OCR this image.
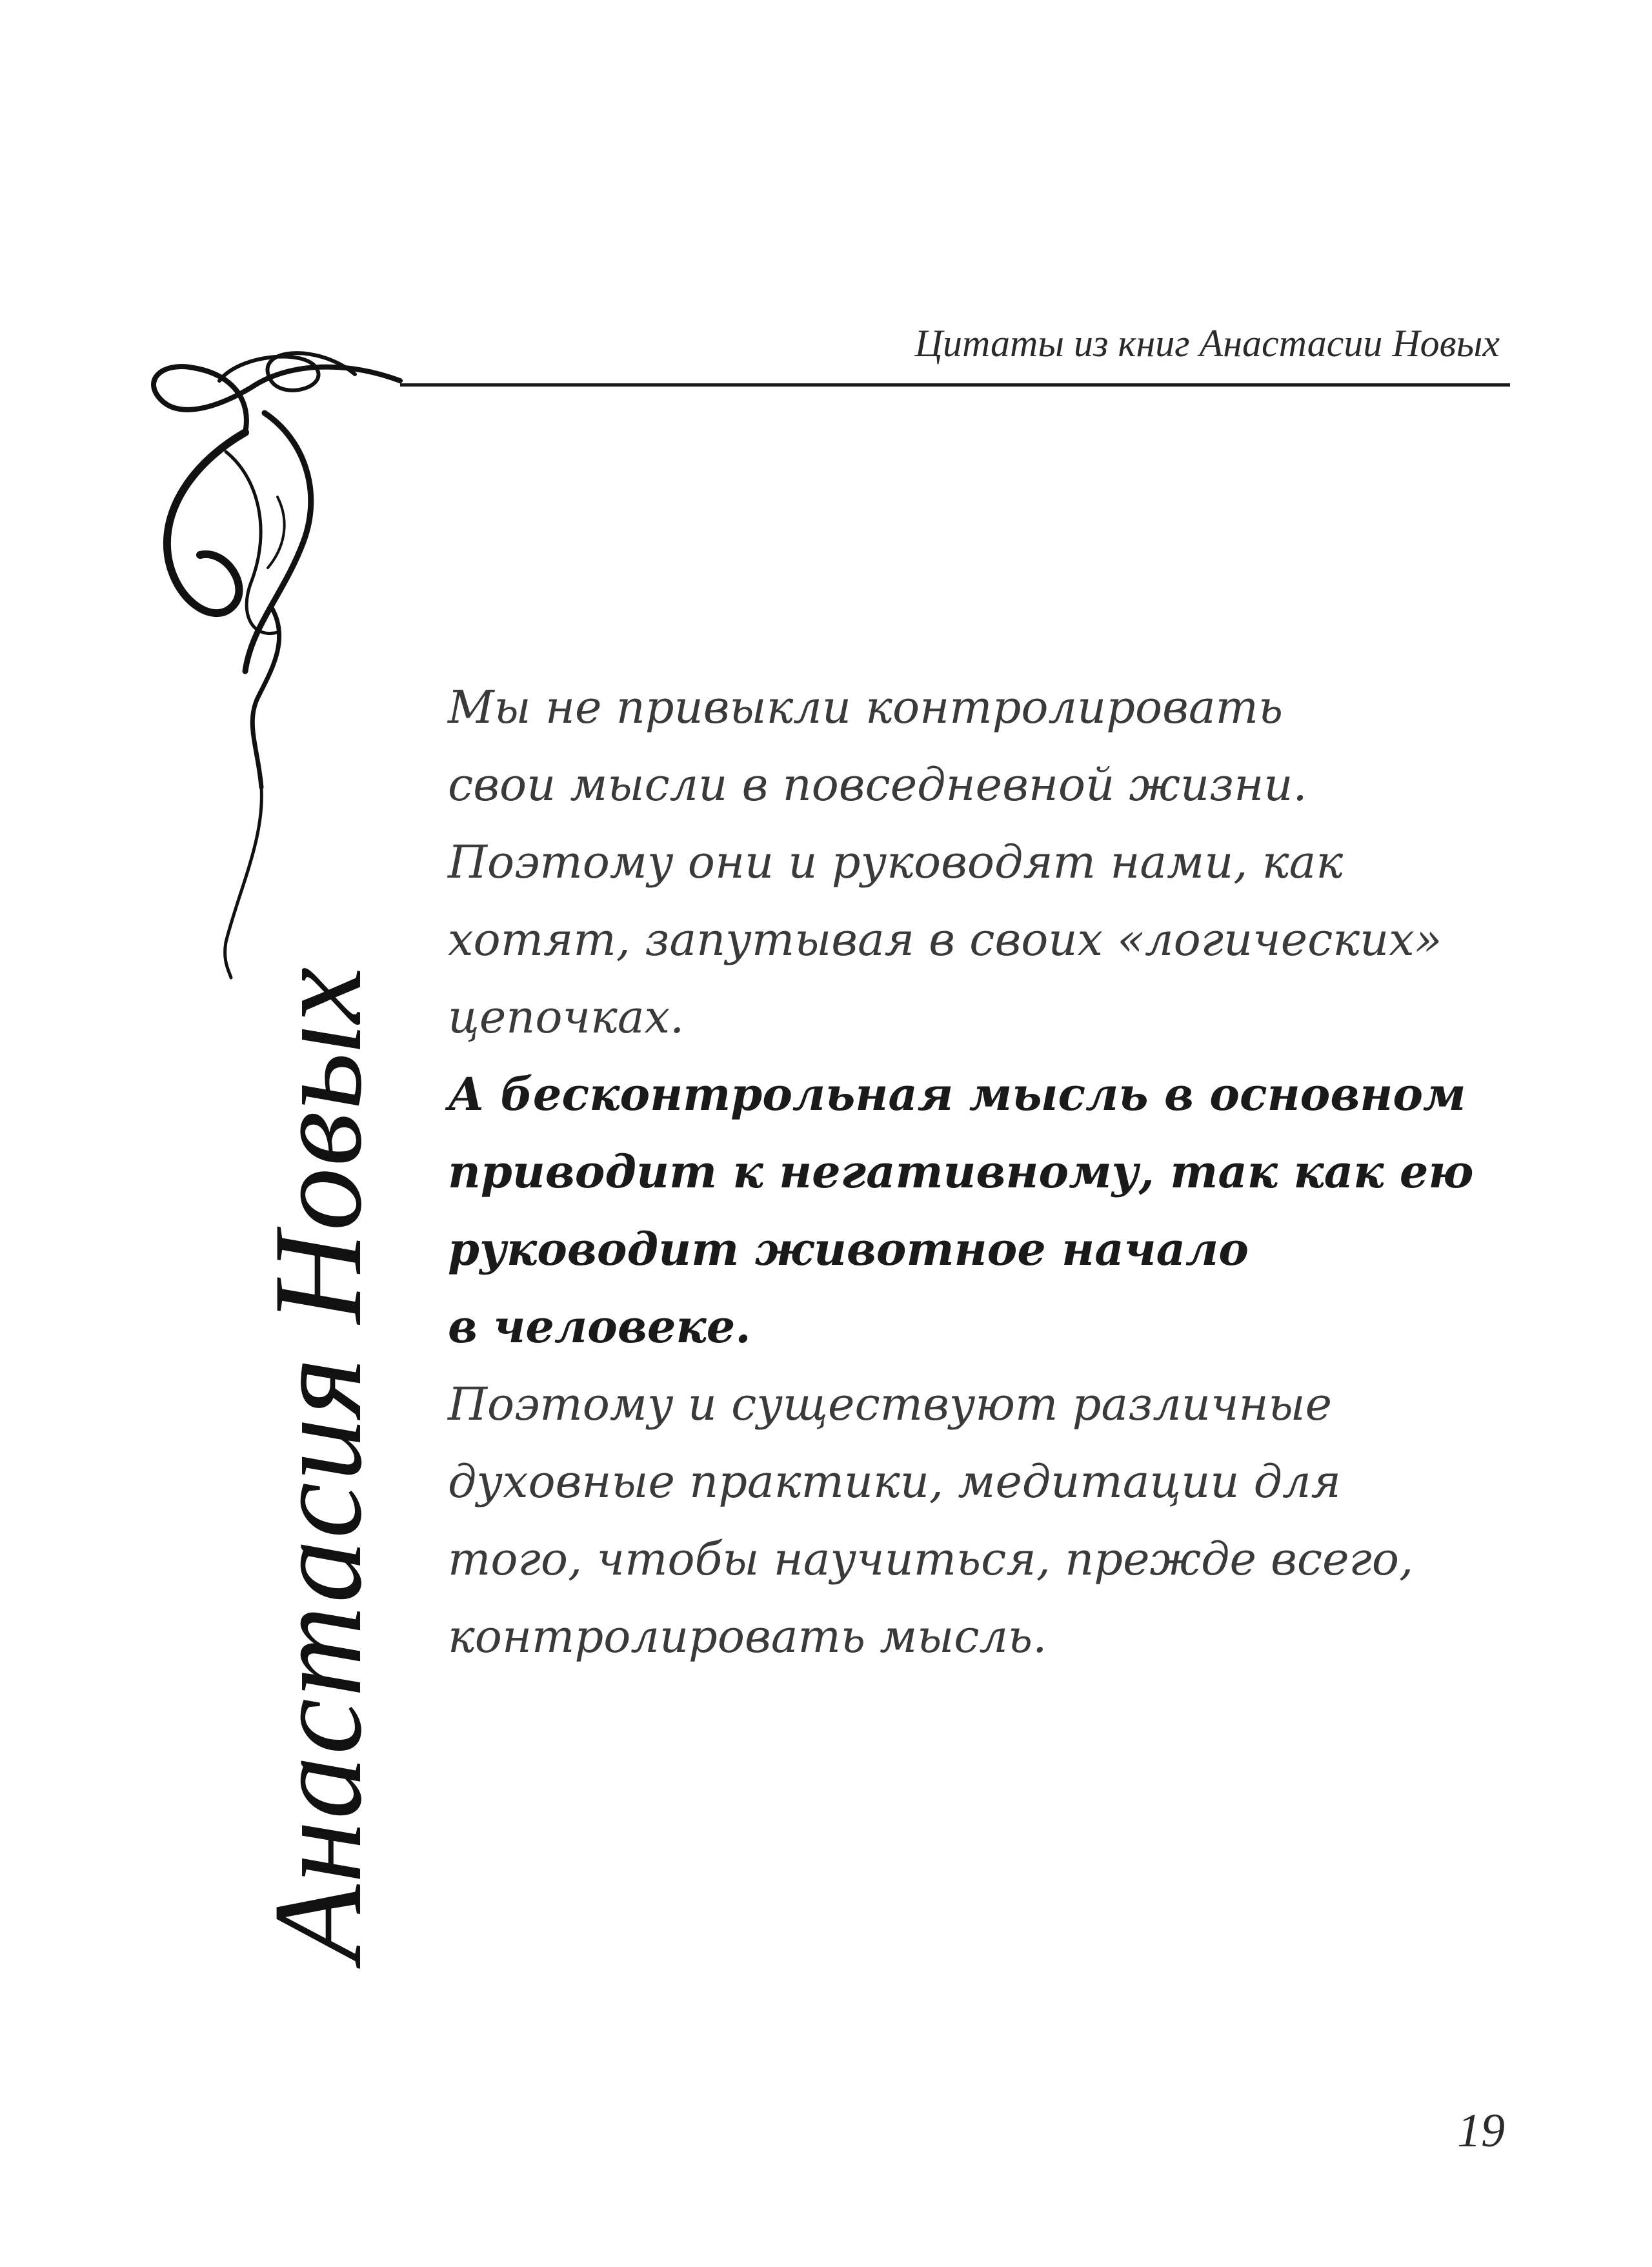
Цитаты из книг Анастасии Новых
Анастасия Новых
Мы не привыкли контролировать
свои мысли в повседневной жизни.
Поэтому они и руководят нами, как
хотят, запутывая в своих «логических»
цепочках.
А бесконтрольная мысль в основном
приводит к негативному, так как ею
руководит животное начало
в человеке.
Поэтому и существуют различные
духовные практики, медитации для
того, чтобы научиться, прежде всего,
контролировать мысль.
19
